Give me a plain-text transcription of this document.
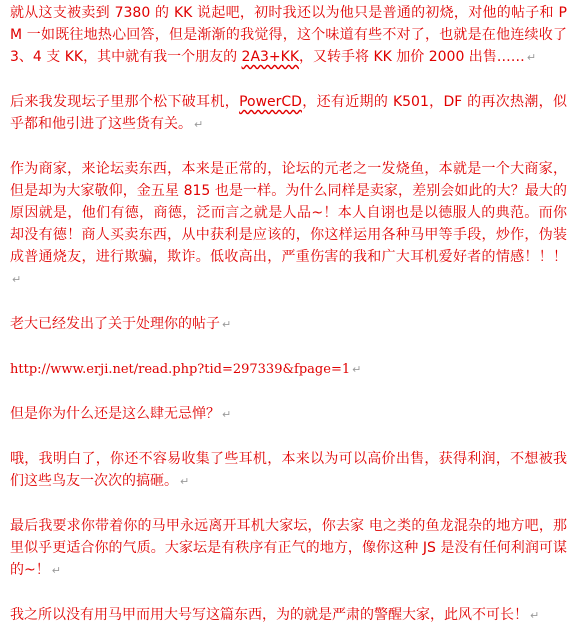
就从这支被卖到 7380 的 KK 说起吧，初时我还以为他只是普通的初烧，对他的帖子和 PM 一如既往地热心回答，但是渐渐的我觉得，这个味道有些不对了，也就是在他连续收了 3、4 支 KK，其中就有我一个朋友的 2A3+KK，又转手将 KK 加价 2000 出售…… ↵

后来我发现坛子里那个松下破耳机，PowerCD，还有近期的 K501，DF 的再次热潮，似乎都和他引进了这些货有关。 ↵

作为商家，来论坛卖东西，本来是正常的，论坛的元老之一发烧鱼，本就是一个大商家，但是却为大家敬仰，金五星 815 也是一样。为什么同样是卖家，差别会如此的大？最大的原因就是，他们有德，商德，泛而言之就是人品~！本人自诩也是以德服人的典范。而你却没有德！商人买卖东西，从中获利是应该的，你这样运用各种马甲等手段，炒作，伪装成普通烧友，进行欺骗，欺诈。低收高出，严重伤害的我和广大耳机爱好者的情感！！！↵

老大已经发出了关于处理你的帖子 ↵

http://www.erji.net/read.php?tid=297339&fpage=1 ↵

但是你为什么还是这么肆无忌惮？ ↵

哦，我明白了，你还不容易收集了些耳机，本来以为可以高价出售，获得利润，不想被我们这些鸟友一次次的搞砸。 ↵

最后我要求你带着你的马甲永远离开耳机大家坛，你去家 电之类的鱼龙混杂的地方吧，那里似乎更适合你的气质。大家坛是有秩序有正气的地方，像你这种 JS 是没有任何利润可谋的~！ ↵

我之所以没有用马甲而用大号写这篇东西，为的就是严肃的警醒大家，此风不可长！ ↵
